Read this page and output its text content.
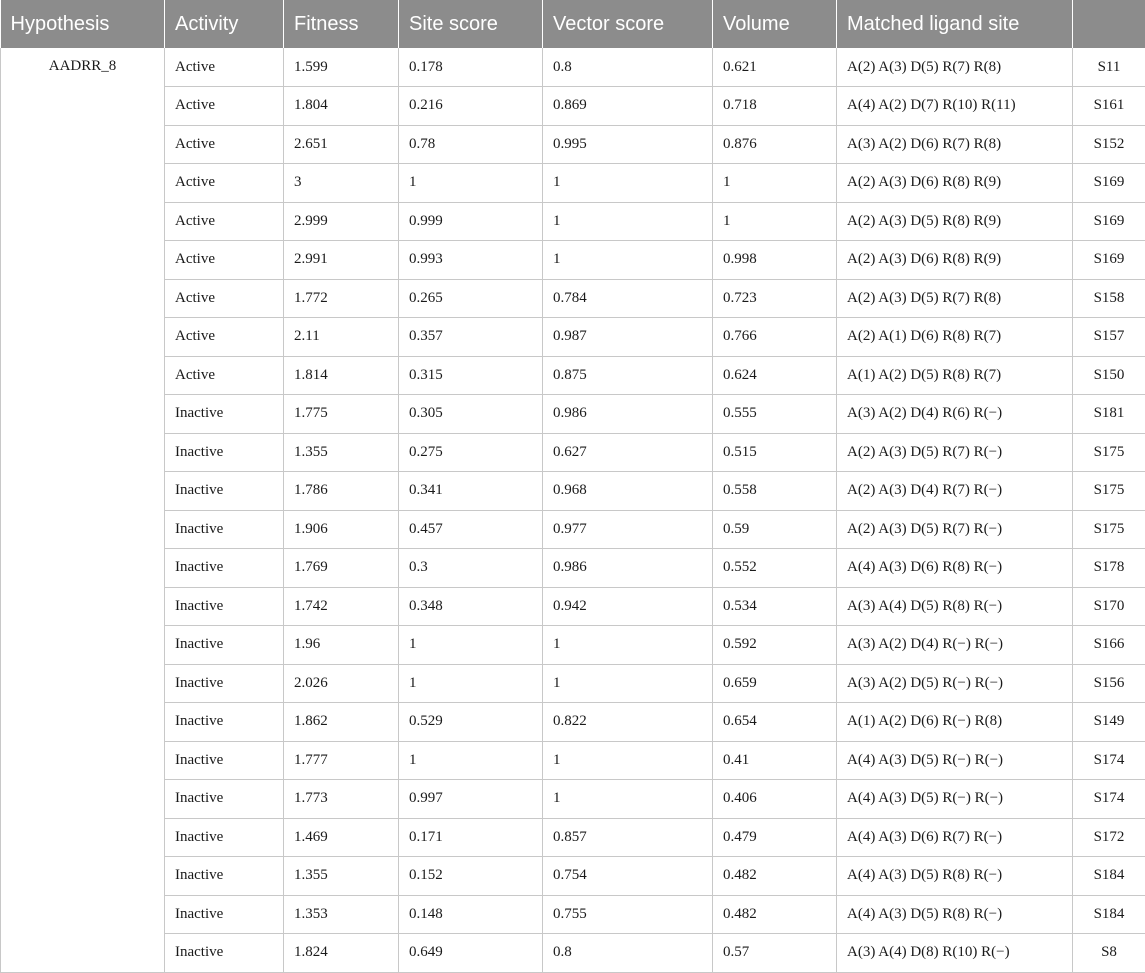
Hypothesis	Activity	Fitness	Site score	Vector score	Volume	Matched ligand site	
AADRR_8	Active	1.599	0.178	0.8	0.621	A(2) A(3) D(5) R(7) R(8)	S11
	Active	1.804	0.216	0.869	0.718	A(4) A(2) D(7) R(10) R(11)	S161
	Active	2.651	0.78	0.995	0.876	A(3) A(2) D(6) R(7) R(8)	S152
	Active	3	1	1	1	A(2) A(3) D(6) R(8) R(9)	S169
	Active	2.999	0.999	1	1	A(2) A(3) D(5) R(8) R(9)	S169
	Active	2.991	0.993	1	0.998	A(2) A(3) D(6) R(8) R(9)	S169
	Active	1.772	0.265	0.784	0.723	A(2) A(3) D(5) R(7) R(8)	S158
	Active	2.11	0.357	0.987	0.766	A(2) A(1) D(6) R(8) R(7)	S157
	Active	1.814	0.315	0.875	0.624	A(1) A(2) D(5) R(8) R(7)	S150
	Inactive	1.775	0.305	0.986	0.555	A(3) A(2) D(4) R(6) R(−)	S181
	Inactive	1.355	0.275	0.627	0.515	A(2) A(3) D(5) R(7) R(−)	S175
	Inactive	1.786	0.341	0.968	0.558	A(2) A(3) D(4) R(7) R(−)	S175
	Inactive	1.906	0.457	0.977	0.59	A(2) A(3) D(5) R(7) R(−)	S175
	Inactive	1.769	0.3	0.986	0.552	A(4) A(3) D(6) R(8) R(−)	S178
	Inactive	1.742	0.348	0.942	0.534	A(3) A(4) D(5) R(8) R(−)	S170
	Inactive	1.96	1	1	0.592	A(3) A(2) D(4) R(−) R(−)	S166
	Inactive	2.026	1	1	0.659	A(3) A(2) D(5) R(−) R(−)	S156
	Inactive	1.862	0.529	0.822	0.654	A(1) A(2) D(6) R(−) R(8)	S149
	Inactive	1.777	1	1	0.41	A(4) A(3) D(5) R(−) R(−)	S174
	Inactive	1.773	0.997	1	0.406	A(4) A(3) D(5) R(−) R(−)	S174
	Inactive	1.469	0.171	0.857	0.479	A(4) A(3) D(6) R(7) R(−)	S172
	Inactive	1.355	0.152	0.754	0.482	A(4) A(3) D(5) R(8) R(−)	S184
	Inactive	1.353	0.148	0.755	0.482	A(4) A(3) D(5) R(8) R(−)	S184
	Inactive	1.824	0.649	0.8	0.57	A(3) A(4) D(8) R(10) R(−)	S8
